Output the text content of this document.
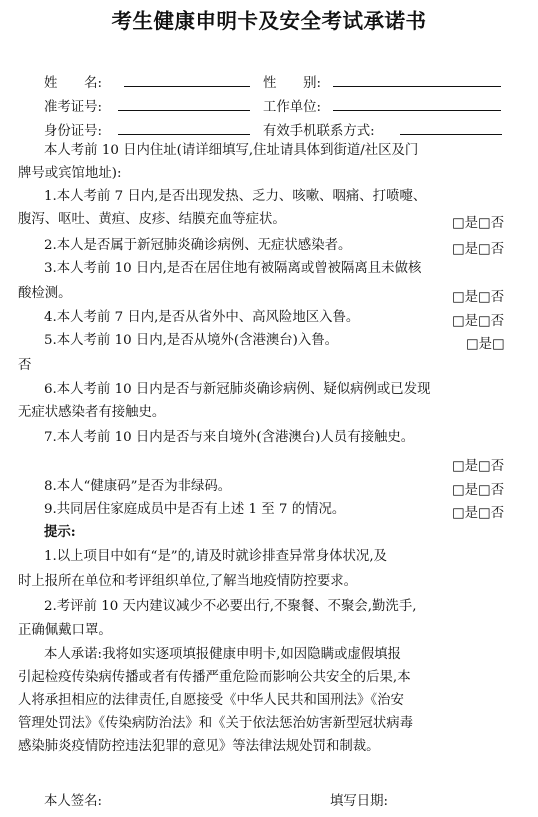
考生健康申明卡及安全考试承诺书
姓　　名:	性　　别:
准考证号:	工作单位:
身份证号:	有效手机联系方式:
本人考前 10 日内住址(请详细填写,住址请具体到街道/社区及门
牌号或宾馆地址):
1.本人考前 7 日内,是否出现发热、乏力、咳嗽、咽痛、打喷嚏、
腹泻、呕吐、黄疸、皮疹、结膜充血等症状。	□是□否
2.本人是否属于新冠肺炎确诊病例、无症状感染者。	□是□否
3.本人考前 10 日内,是否在居住地有被隔离或曾被隔离且未做核
酸检测。	□是□否
4.本人考前 7 日内,是否从省外中、高风险地区入鲁。	□是□否
5.本人考前 10 日内,是否从境外(含港澳台)入鲁。	□是□
否
6.本人考前 10 日内是否与新冠肺炎确诊病例、疑似病例或已发现
无症状感染者有接触史。
7.本人考前 10 日内是否与来自境外(含港澳台)人员有接触史。
□是□否
8.本人“健康码”是否为非绿码。	□是□否
9.共同居住家庭成员中是否有上述 1 至 7 的情况。	□是□否
提示:
1.以上项目中如有“是”的,请及时就诊排查异常身体状况,及
时上报所在单位和考评组织单位,了解当地疫情防控要求。
2.考评前 10 天内建议减少不必要出行,不聚餐、不聚会,勤洗手,
正确佩戴口罩。
本人承诺:我将如实逐项填报健康申明卡,如因隐瞒或虚假填报
引起检疫传染病传播或者有传播严重危险而影响公共安全的后果,本
人将承担相应的法律责任,自愿接受《中华人民共和国刑法》《治安
管理处罚法》《传染病防治法》和《关于依法惩治妨害新型冠状病毒
感染肺炎疫情防控违法犯罪的意见》等法律法规处罚和制裁。
本人签名:	填写日期:
